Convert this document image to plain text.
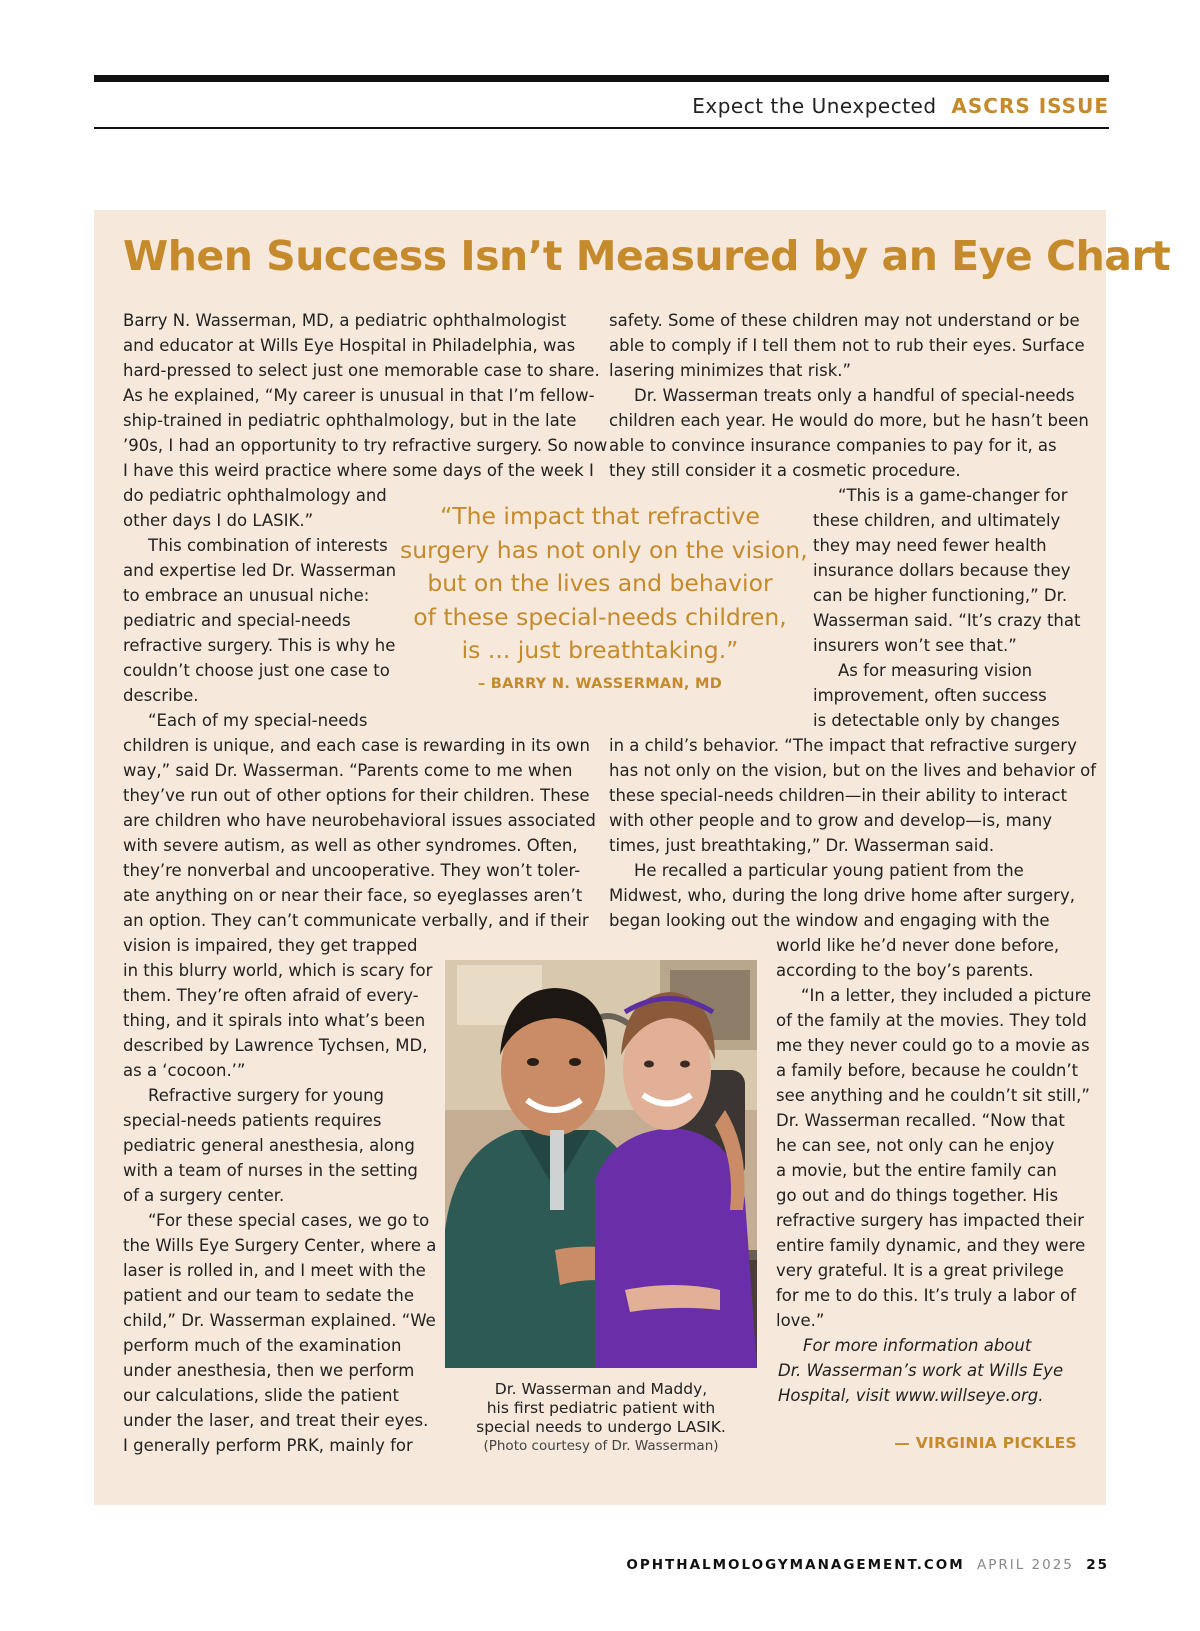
Expect the Unexpected ASCRS ISSUE
When Success Isn’t Measured by an Eye Chart
Barry N. Wasserman, MD, a pediatric ophthalmologist
and educator at Wills Eye Hospital in Philadelphia, was
hard-pressed to select just one memorable case to share.
As he explained, “My career is unusual in that I’m fellow-
ship-trained in pediatric ophthalmology, but in the late
’90s, I had an opportunity to try refractive surgery. So now
I have this weird practice where some days of the week I
do pediatric ophthalmology and
other days I do LASIK.”
This combination of interests
and expertise led Dr. Wasserman
to embrace an unusual niche:
pediatric and special-needs
refractive surgery. This is why he
couldn’t choose just one case to
describe.
“Each of my special-needs
children is unique, and each case is rewarding in its own
way,” said Dr. Wasserman. “Parents come to me when
they’ve run out of other options for their children. These
are children who have neurobehavioral issues associated
with severe autism, as well as other syndromes. Often,
they’re nonverbal and uncooperative. They won’t toler-
ate anything on or near their face, so eyeglasses aren’t
an option. They can’t communicate verbally, and if their
vision is impaired, they get trapped
in this blurry world, which is scary for
them. They’re often afraid of every-
thing, and it spirals into what’s been
described by Lawrence Tychsen, MD,
as a ‘cocoon.’”
Refractive surgery for young
special-needs patients requires
pediatric general anesthesia, along
with a team of nurses in the setting
of a surgery center.
“For these special cases, we go to
the Wills Eye Surgery Center, where a
laser is rolled in, and I meet with the
patient and our team to sedate the
child,” Dr. Wasserman explained. “We
perform much of the examination
under anesthesia, then we perform
our calculations, slide the patient
under the laser, and treat their eyes.
I generally perform PRK, mainly for
safety. Some of these children may not understand or be
able to comply if I tell them not to rub their eyes. Surface
lasering minimizes that risk.”
Dr. Wasserman treats only a handful of special-needs
children each year. He would do more, but he hasn’t been
able to convince insurance companies to pay for it, as
they still consider it a cosmetic procedure.
“This is a game-changer for
these children, and ultimately
they may need fewer health
insurance dollars because they
can be higher functioning,” Dr.
Wasserman said. “It’s crazy that
insurers won’t see that.”
As for measuring vision
improvement, often success
is detectable only by changes
in a child’s behavior. “The impact that refractive surgery
has not only on the vision, but on the lives and behavior of
these special-needs children—in their ability to interact
with other people and to grow and develop—is, many
times, just breathtaking,” Dr. Wasserman said.
He recalled a particular young patient from the
Midwest, who, during the long drive home after surgery,
began looking out the window and engaging with the
world like he’d never done before,
according to the boy’s parents.
“In a letter, they included a picture
of the family at the movies. They told
me they never could go to a movie as
a family before, because he couldn’t
see anything and he couldn’t sit still,”
Dr. Wasserman recalled. “Now that
he can see, not only can he enjoy
a movie, but the entire family can
go out and do things together. His
refractive surgery has impacted their
entire family dynamic, and they were
very grateful. It is a great privilege
for me to do this. It’s truly a labor of
love.”
For more information about
Dr. Wasserman’s work at Wills Eye
Hospital, visit www.willseye.org.
“The impact that refractive
surgery has not only on the vision,
but on the lives and behavior
of these special-needs children,
is ... just breathtaking.”
– BARRY N. WASSERMAN, MD
Dr. Wasserman and Maddy,
his first pediatric patient with
special needs to undergo LASIK.
(Photo courtesy of Dr. Wasserman)	— VIRGINIA PICKLES
OPHTHALMOLOGYMANAGEMENT.COM APRIL 2025 25
